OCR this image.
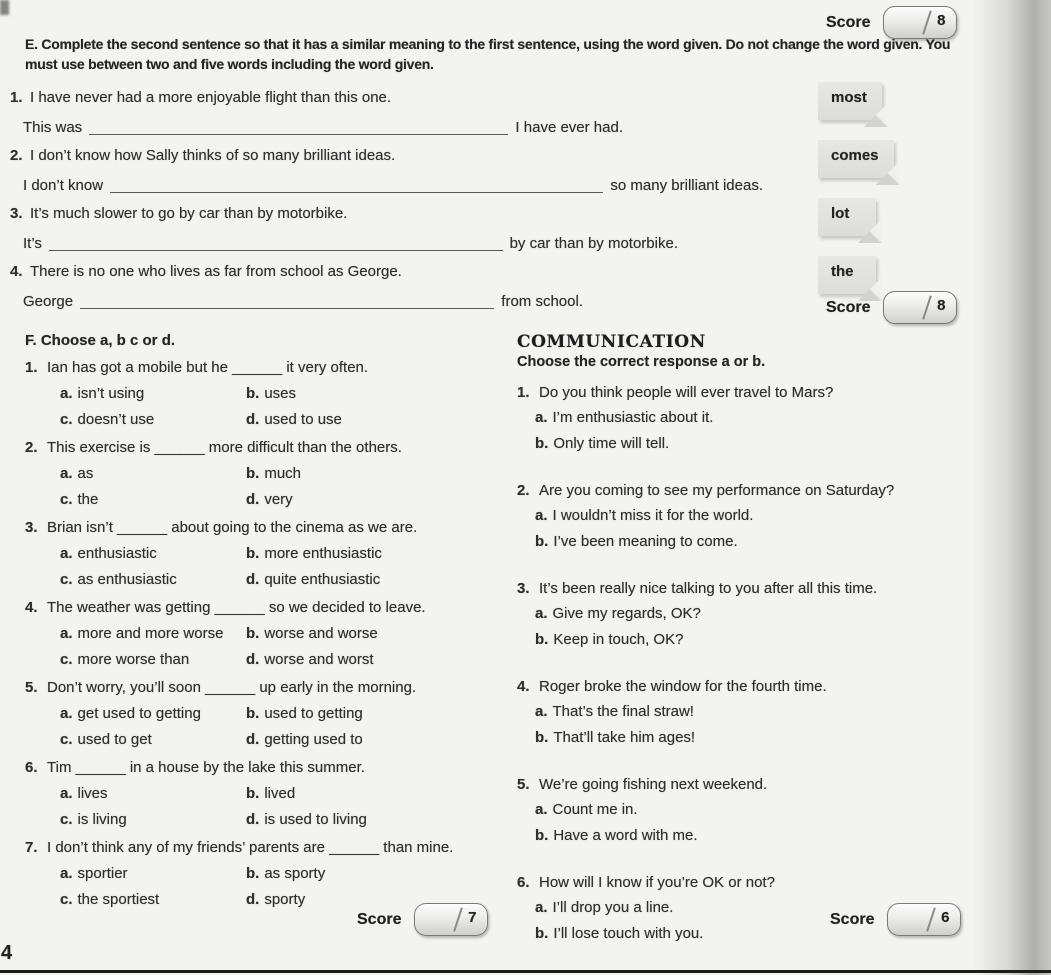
Score	8

E. Complete the second sentence so that it has a similar meaning to the first sentence, using the word given. Do not change the word given. You must use between two and five words including the word given.

1. I have never had a more enjoyable flight than this one.
This was	I have ever had.
most
2. I don’t know how Sally thinks of so many brilliant ideas.
I don’t know	so many brilliant ideas.
comes
3. It’s much slower to go by car than by motorbike.
It’s	by car than by motorbike.
lot
4. There is no one who lives as far from school as George.
George	from school.
the
F. Choose a, b c or d.
1. Ian has got a mobile but he ______ it very often.
a. isn’t using	b. uses
c. doesn’t use	d. used to use
2. This exercise is ______ more difficult than the others.
a. as	b. much
c. the	d. very
3. Brian isn’t ______ about going to the cinema as we are.
a. enthusiastic	b. more enthusiastic
c. as enthusiastic	d. quite enthusiastic
4. The weather was getting ______ so we decided to leave.
a. more and more worse	b. worse and worse
c. more worse than	d. worse and worst
5. Don’t worry, you’ll soon ______ up early in the morning.
a. get used to getting	b. used to getting
c. used to get	d. getting used to
6. Tim ______ in a house by the lake this summer.
a. lives	b. lived
c. is living	d. is used to living
7. I don’t think any of my friends’ parents are ______ than mine.
a. sportier	b. as sporty
c. the sportiest	d. sporty
COMMUNICATION

Choose the correct response a or b.

1. Do you think people will ever travel to Mars?
a. I’m enthusiastic about it.
b. Only time will tell.
2. Are you coming to see my performance on Saturday?
a. I wouldn’t miss it for the world.
b. I’ve been meaning to come.
3. It’s been really nice talking to you after all this time.
a. Give my regards, OK?
b. Keep in touch, OK?
4. Roger broke the window for the fourth time.
a. That’s the final straw!
b. That’ll take him ages!
5. We’re going fishing next weekend.
a. Count me in.
b. Have a word with me.
6. How will I know if you’re OK or not?
a. I’ll drop you a line.
b. I’ll lose touch with you.
Score	8
Score	7	Score	6
4
